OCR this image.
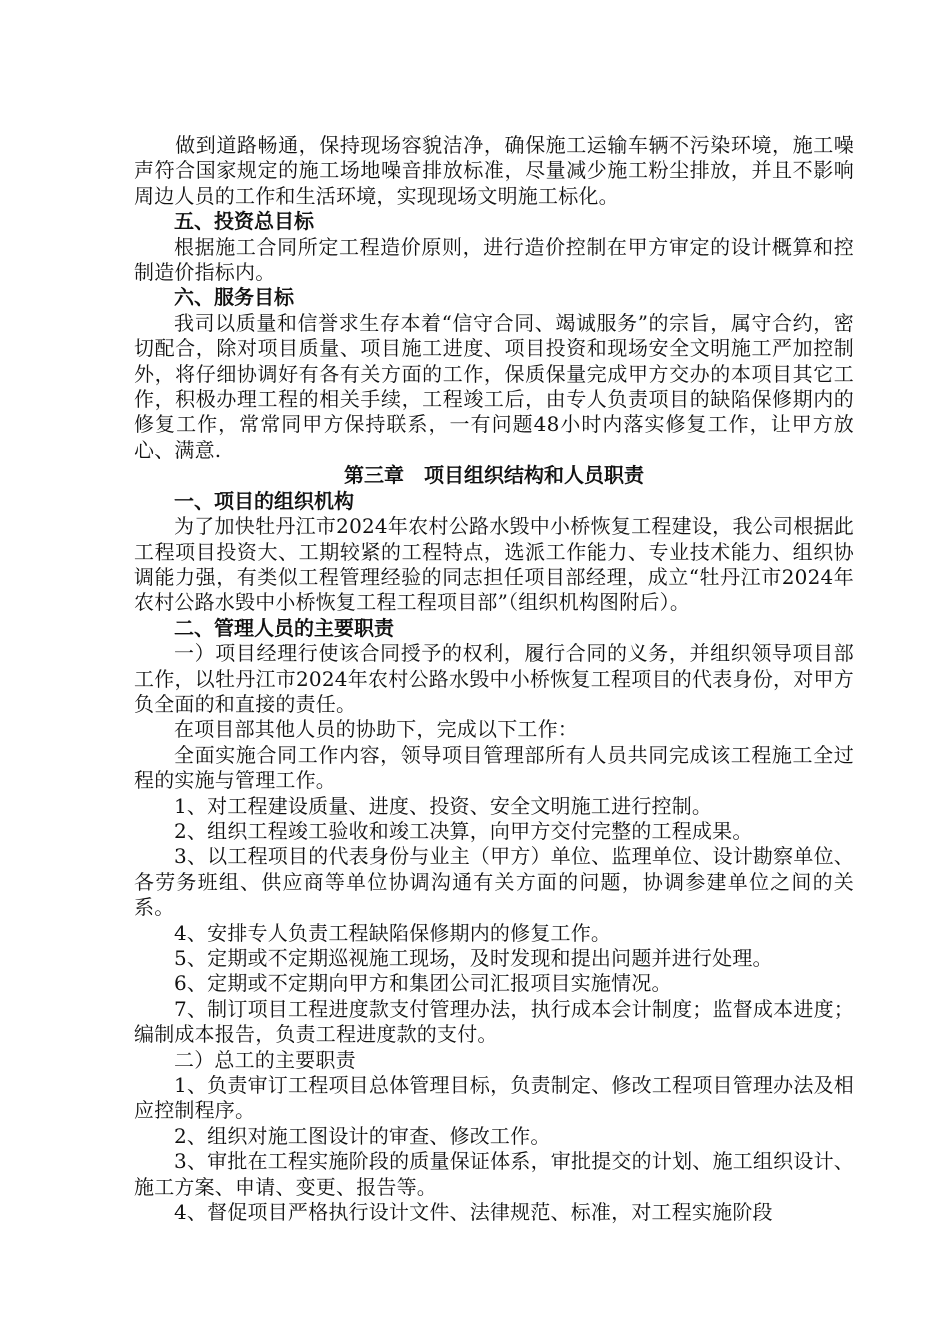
　　做到道路畅通，保持现场容貌洁净，确保施工运输车辆不污染环境，施工噪声符合国家规定的施工场地噪音排放标准，尽量减少施工粉尘排放，并且不影响周边人员的工作和生活环境，实现现场文明施工标化。

五、投资总目标

根据施工合同所定工程造价原则，进行造价控制在甲方审定的设计概算和控制造价指标内。

六、服务目标

我司以质量和信誉求生存本着“信守合同、竭诚服务”的宗旨，属守合约，密切配合，除对项目质量、项目施工进度、项目投资和现场安全文明施工严加控制外，将仔细协调好有各有关方面的工作，保质保量完成甲方交办的本项目其它工作，积极办理工程的相关手续，工程竣工后，由专人负责项目的缺陷保修期内的修复工作，常常同甲方保持联系，一有问题48小时内落实修复工作，让甲方放心、满意.

第三章　项目组织结构和人员职责

一、项目的组织机构

为了加快牡丹江市2024年农村公路水毁中小桥恢复工程建设，我公司根据此工程项目投资大、工期较紧的工程特点，选派工作能力、专业技术能力、组织协调能力强，有类似工程管理经验的同志担任项目部经理，成立“牡丹江市2024年农村公路水毁中小桥恢复工程工程项目部”（组织机构图附后）。

二、管理人员的主要职责

一）项目经理行使该合同授予的权利，履行合同的义务，并组织领导项目部工作，以牡丹江市2024年农村公路水毁中小桥恢复工程项目的代表身份，对甲方负全面的和直接的责任。

在项目部其他人员的协助下，完成以下工作：

全面实施合同工作内容，领导项目管理部所有人员共同完成该工程施工全过程的实施与管理工作。

1、对工程建设质量、进度、投资、安全文明施工进行控制。

2、组织工程竣工验收和竣工决算，向甲方交付完整的工程成果。

3、以工程项目的代表身份与业主（甲方）单位、监理单位、设计勘察单位、各劳务班组、供应商等单位协调沟通有关方面的问题，协调参建单位之间的关系。

4、安排专人负责工程缺陷保修期内的修复工作。

5、定期或不定期巡视施工现场，及时发现和提出问题并进行处理。

6、定期或不定期向甲方和集团公司汇报项目实施情况。

7、制订项目工程进度款支付管理办法，执行成本会计制度；监督成本进度；编制成本报告，负责工程进度款的支付。

二）总工的主要职责

1、负责审订工程项目总体管理目标，负责制定、修改工程项目管理办法及相应控制程序。

2、组织对施工图设计的审查、修改工作。

3、审批在工程实施阶段的质量保证体系，审批提交的计划、施工组织设计、施工方案、申请、变更、报告等。

4、督促项目严格执行设计文件、法律规范、标准，对工程实施阶段
